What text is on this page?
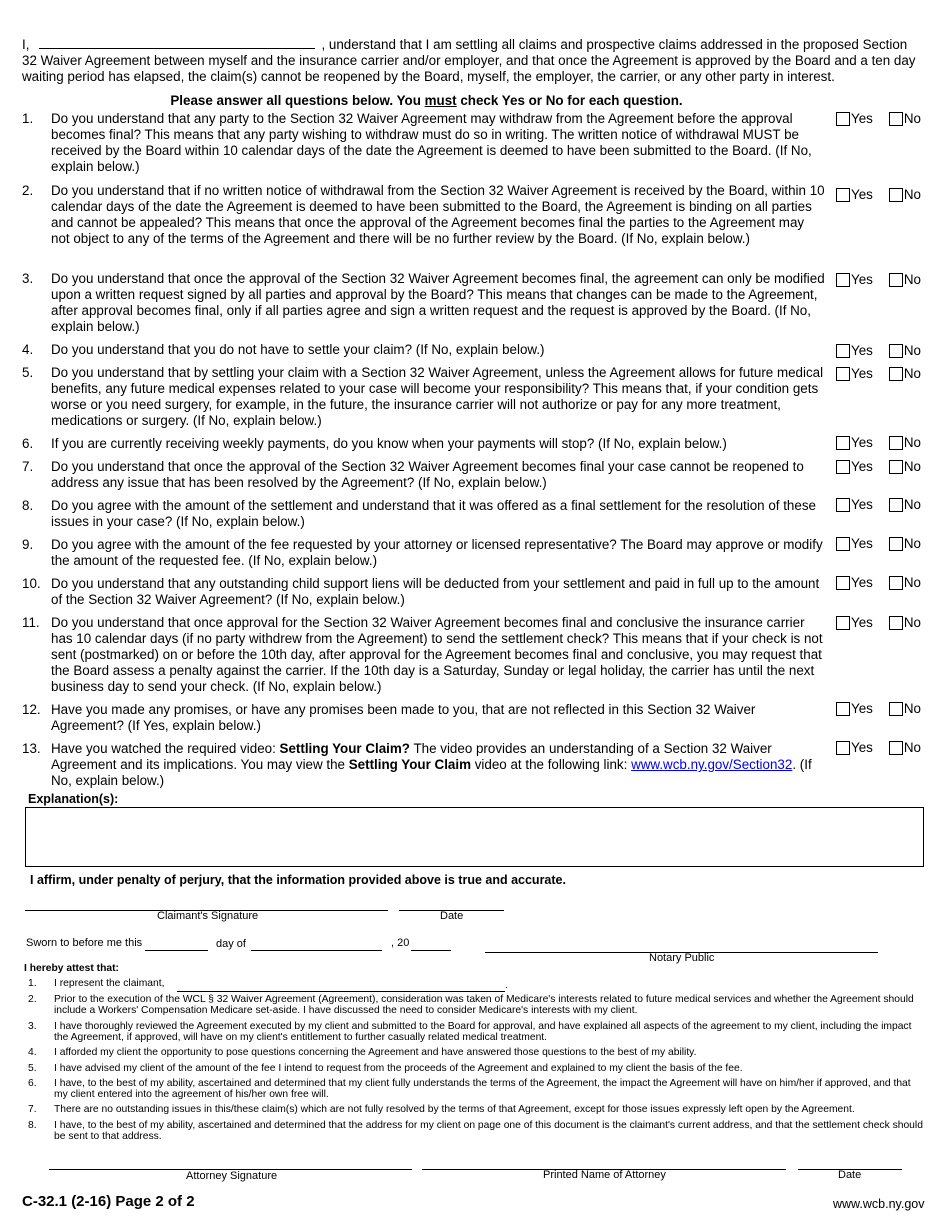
I,	, understand that I am settling all claims and prospective claims addressed in the proposed Section 32 Waiver Agreement between myself and the insurance carrier and/or employer, and that once the Agreement is approved by the Board and a ten day waiting period has elapsed, the claim(s) cannot be reopened by the Board, myself, the employer, the carrier, or any other party in interest.
Please answer all questions below. You must check Yes or No for each question.
1. Do you understand that any party to the Section 32 Waiver Agreement may withdraw from the Agreement before the approval becomes final? This means that any party wishing to withdraw must do so in writing. The written notice of withdrawal MUST be received by the Board within 10 calendar days of the date the Agreement is deemed to have been submitted to the Board. (If No, explain below.)
Yes No
2. Do you understand that if no written notice of withdrawal from the Section 32 Waiver Agreement is received by the Board, within 10 calendar days of the date the Agreement is deemed to have been submitted to the Board, the Agreement is binding on all parties and cannot be appealed? This means that once the approval of the Agreement becomes final the parties to the Agreement may not object to any of the terms of the Agreement and there will be no further review by the Board. (If No, explain below.)
Yes No
3. Do you understand that once the approval of the Section 32 Waiver Agreement becomes final, the agreement can only be modified upon a written request signed by all parties and approval by the Board? This means that changes can be made to the Agreement, after approval becomes final, only if all parties agree and sign a written request and the request is approved by the Board. (If No, explain below.)
Yes No
4. Do you understand that you do not have to settle your claim? (If No, explain below.)	Yes No
5. Do you understand that by settling your claim with a Section 32 Waiver Agreement, unless the Agreement allows for future medical benefits, any future medical expenses related to your case will become your responsibility? This means that, if your condition gets worse or you need surgery, for example, in the future, the insurance carrier will not authorize or pay for any more treatment, medications or surgery. (If No, explain below.)
Yes No
6. If you are currently receiving weekly payments, do you know when your payments will stop? (If No, explain below.)	Yes No
7. Do you understand that once the approval of the Section 32 Waiver Agreement becomes final your case cannot be reopened to address any issue that has been resolved by the Agreement? (If No, explain below.)
Yes No
8. Do you agree with the amount of the settlement and understand that it was offered as a final settlement for the resolution of these issues in your case? (If No, explain below.)
Yes No
9. Do you agree with the amount of the fee requested by your attorney or licensed representative? The Board may approve or modify the amount of the requested fee. (If No, explain below.)
Yes No
10. Do you understand that any outstanding child support liens will be deducted from your settlement and paid in full up to the amount of the Section 32 Waiver Agreement? (If No, explain below.)
Yes No
11. Do you understand that once approval for the Section 32 Waiver Agreement becomes final and conclusive the insurance carrier has 10 calendar days (if no party withdrew from the Agreement) to send the settlement check? This means that if your check is not sent (postmarked) on or before the 10th day, after approval for the Agreement becomes final and conclusive, you may request that the Board assess a penalty against the carrier. If the 10th day is a Saturday, Sunday or legal holiday, the carrier has until the next business day to send your check. (If No, explain below.)
Yes No
12. Have you made any promises, or have any promises been made to you, that are not reflected in this Section 32 Waiver Agreement? (If Yes, explain below.)
Yes No
13. Have you watched the required video: Settling Your Claim? The video provides an understanding of a Section 32 Waiver Agreement and its implications. You may view the Settling Your Claim video at the following link: www.wcb.ny.gov/Section32. (If No, explain below.)
Yes No
Explanation(s):
I affirm, under penalty of perjury, that the information provided above is true and accurate.
Claimant's Signature	Date
Sworn to before me this	day of	, 20
Notary Public
I hereby attest that:
1. I represent the claimant,	.
2. Prior to the execution of the WCL § 32 Waiver Agreement (Agreement), consideration was taken of Medicare's interests related to future medical services and whether the Agreement should include a Workers' Compensation Medicare set-aside. I have discussed the need to consider Medicare's interests with my client.
3. I have thoroughly reviewed the Agreement executed by my client and submitted to the Board for approval, and have explained all aspects of the agreement to my client, including the impact the Agreement, if approved, will have on my client's entitlement to further casually related medical treatment.
4. I afforded my client the opportunity to pose questions concerning the Agreement and have answered those questions to the best of my ability.
5. I have advised my client of the amount of the fee I intend to request from the proceeds of the Agreement and explained to my client the basis of the fee.
6. I have, to the best of my ability, ascertained and determined that my client fully understands the terms of the Agreement, the impact the Agreement will have on him/her if approved, and that my client entered into the agreement of his/her own free will.
7. There are no outstanding issues in this/these claim(s) which are not fully resolved by the terms of that Agreement, except for those issues expressly left open by the Agreement.
8. I have, to the best of my ability, ascertained and determined that the address for my client on page one of this document is the claimant's current address, and that the settlement check should be sent to that address.
Attorney Signature	Printed Name of Attorney	Date
C-32.1 (2-16) Page 2 of 2	www.wcb.ny.gov
